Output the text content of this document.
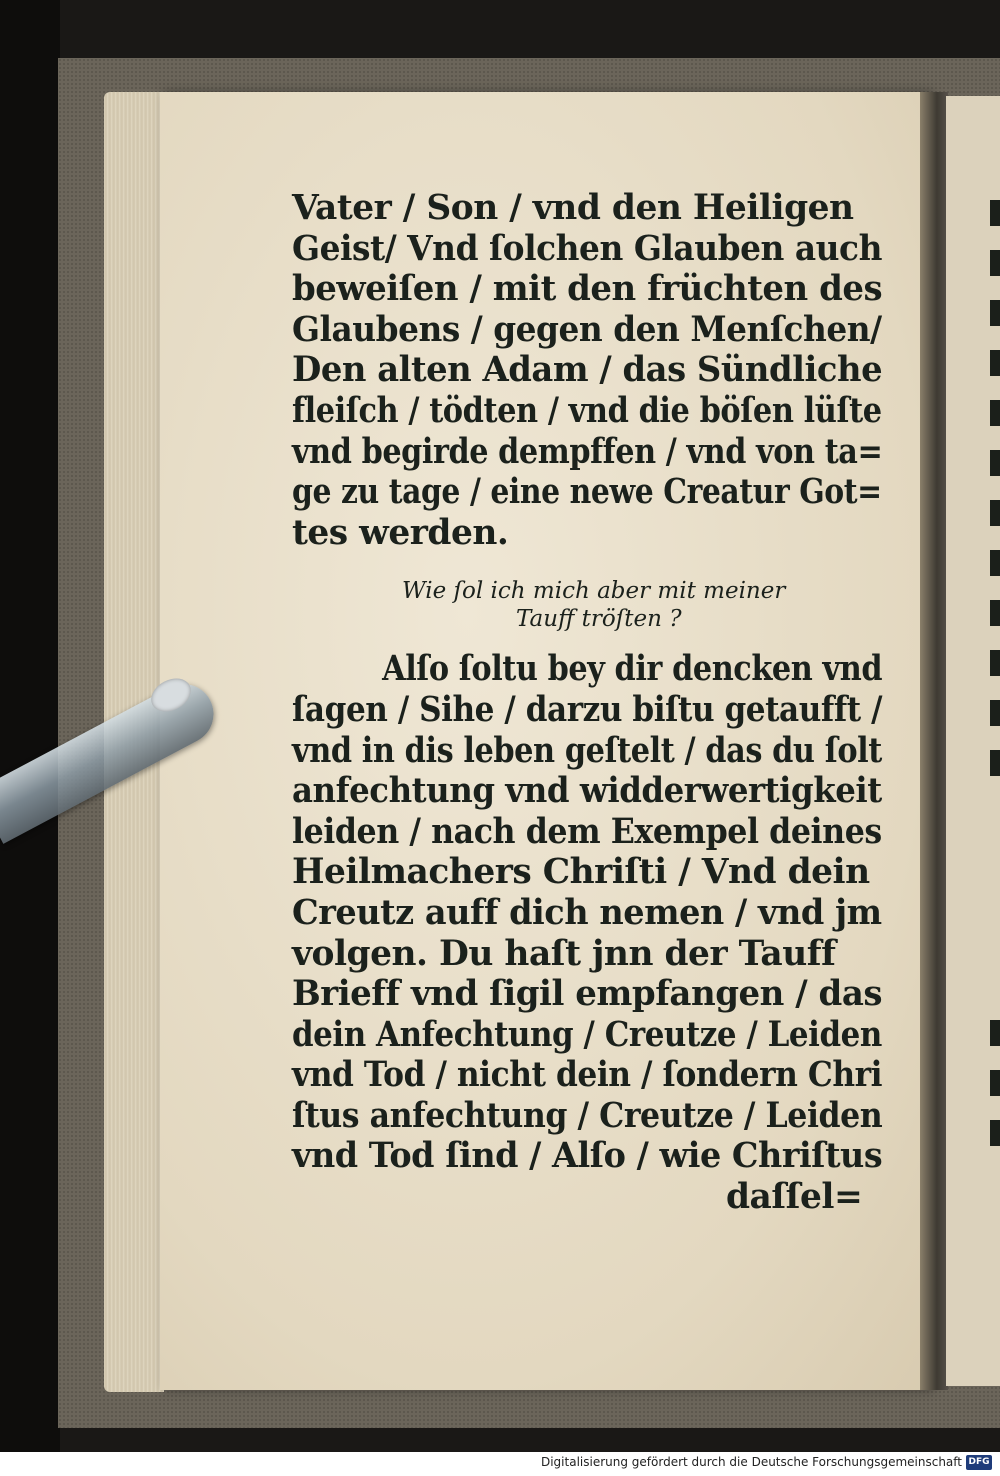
Vater / Son / vnd den Heiligen
Geist/ Vnd ſolchen Glauben auch
beweiſen / mit den früchten des
Glaubens / gegen den Menſchen/
Den alten Adam / das Sündliche
fleiſch / tödten / vnd die böſen lüſte
vnd begirde dempffen / vnd von ta=
ge zu tage / eine newe Creatur Got=
tes werden.
Wie ſol ich mich aber mit meiner
Tauff tröſten ?
Alſo ſoltu bey dir dencken vnd
ſagen / Sihe / darzu biſtu getaufft /
vnd in dis leben geſtelt / das du ſolt
anfechtung vnd widderwertigkeit
leiden / nach dem Exempel deines
Heilmachers Chriſti / Vnd dein
Creutz auff dich nemen / vnd jm
volgen. Du haſt jnn der Tauff
Brieff vnd ſigil empfangen / das
dein Anfechtung / Creutze / Leiden
vnd Tod / nicht dein / ſondern Chri
ſtus anfechtung / Creutze / Leiden
vnd Tod ſind / Alſo / wie Chriſtus
daſſel=
Digitalisierung gefördert durch die Deutsche Forschungsgemeinschaft DFG
